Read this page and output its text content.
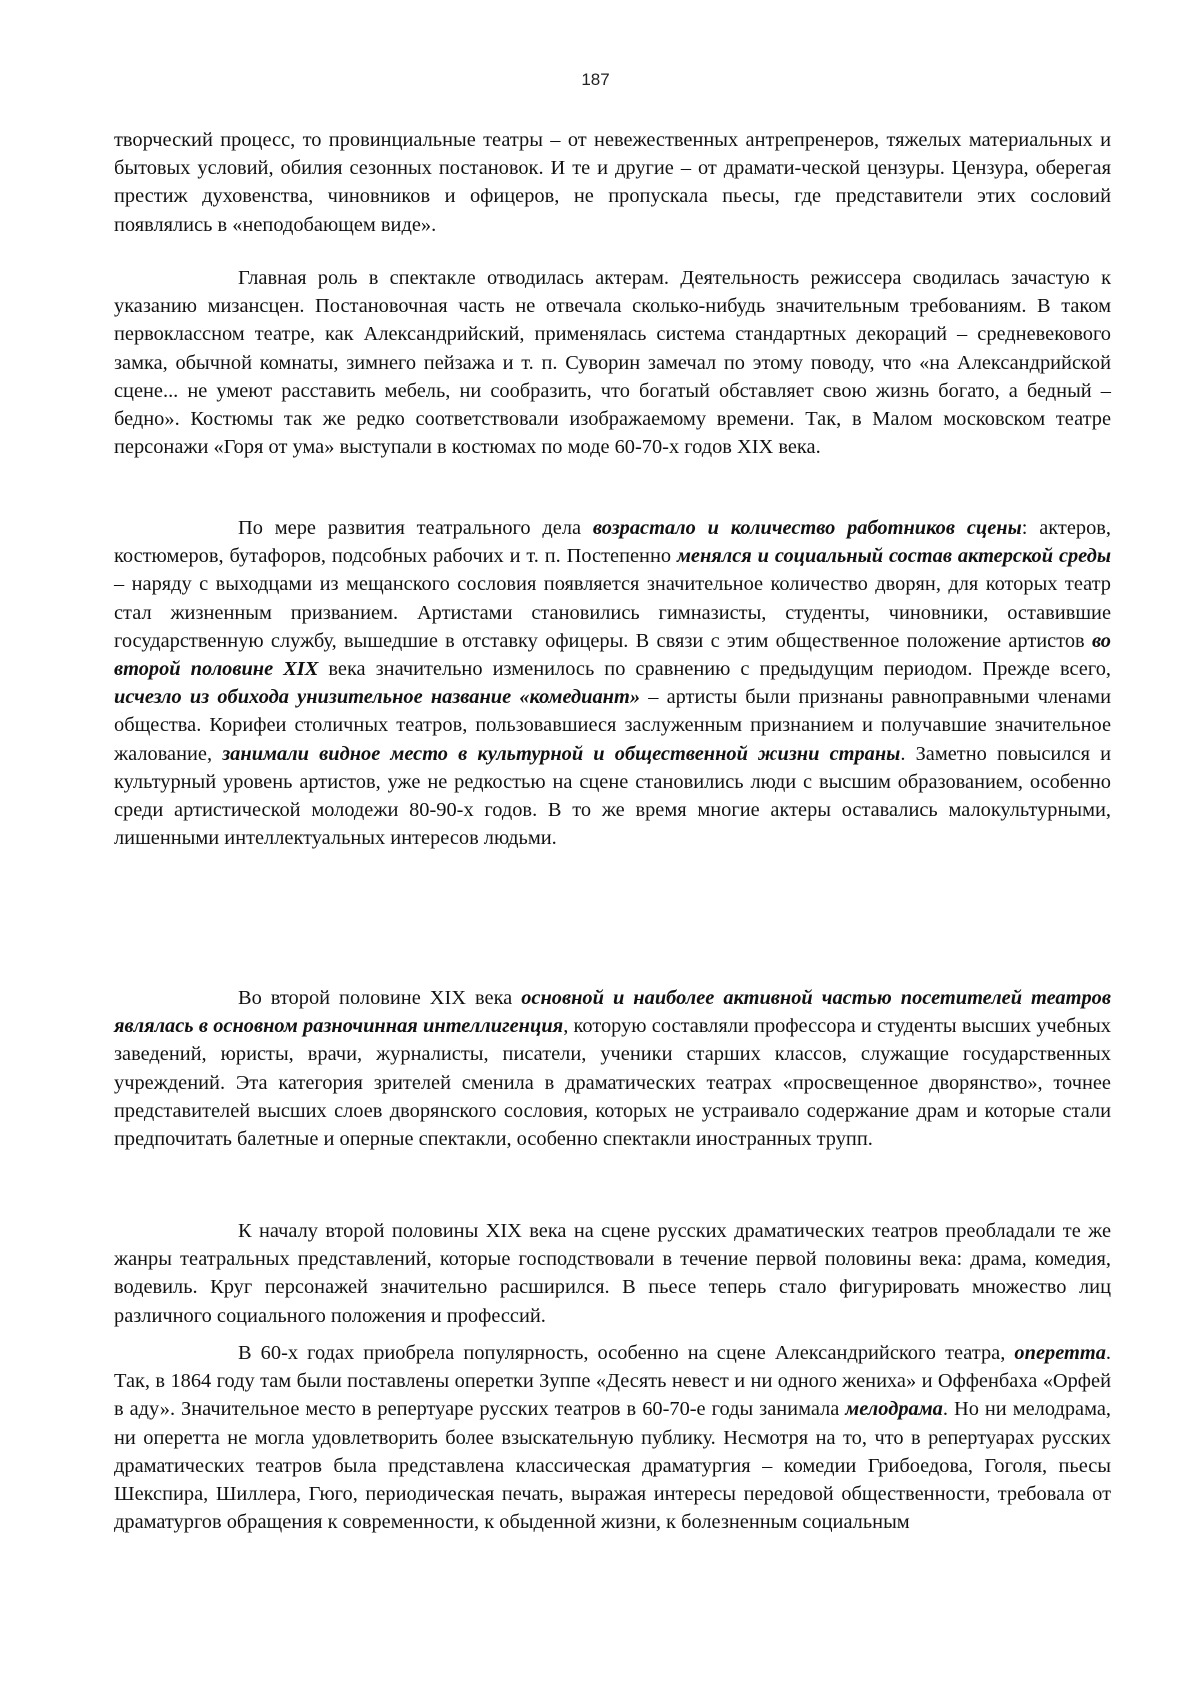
187

творческий процесс, то провинциальные театры – от невежественных антрепренеров, тяжелых материальных и бытовых условий, обилия сезонных постановок. И те и другие – от драмати-ческой цензуры. Цензура, оберегая престиж духовенства, чиновников и офицеров, не пропускала пьесы, где представители этих сословий появлялись в «неподобающем виде».

Главная роль в спектакле отводилась актерам. Деятельность режиссера сводилась зачастую к указанию мизансцен. Постановочная часть не отвечала сколько-нибудь значительным требованиям. В таком первоклассном театре, как Александрийский, применялась система стандартных декораций – средневекового замка, обычной комнаты, зимнего пейзажа и т. п. Суворин замечал по этому поводу, что «на Александрийской сцене... не умеют расставить мебель, ни сообразить, что богатый обставляет свою жизнь богато, а бедный – бедно». Костюмы так же редко соответствовали изображаемому времени. Так, в Малом московском театре персонажи «Горя от ума» выступали в костюмах по моде 60-70-х годов XIX века.

По мере развития театрального дела возрастало и количество работников сцены: актеров, костюмеров, бутафоров, подсобных рабочих и т. п. Постепенно менялся и социальный состав актерской среды – наряду с выходцами из мещанского сословия появляется значительное количество дворян, для которых театр стал жизненным призванием. Артистами становились гимназисты, студенты, чиновники, оставившие государственную службу, вышедшие в отставку офицеры. В связи с этим общественное положение артистов во второй половине XIX века значительно изменилось по сравнению с предыдущим периодом. Прежде всего, исчезло из обихода унизительное название «комедиант» – артисты были признаны равноправными членами общества. Корифеи столичных театров, пользовавшиеся заслуженным признанием и получавшие значительное жалование, занимали видное место в культурной и общественной жизни страны. Заметно повысился и культурный уровень артистов, уже не редкостью на сцене становились люди с высшим образованием, особенно среди артистической молодежи 80-90-х годов. В то же время многие актеры оставались малокультурными, лишенными интеллектуальных интересов людьми.

Во второй половине XIX века основной и наиболее активной частью посетителей театров являлась в основном разночинная интеллигенция, которую составляли профессора и студенты высших учебных заведений, юристы, врачи, журналисты, писатели, ученики старших классов, служащие государственных учреждений. Эта категория зрителей сменила в драматических театрах «просвещенное дворянство», точнее представителей высших слоев дворянского сословия, которых не устраивало содержание драм и которые стали предпочитать балетные и оперные спектакли, особенно спектакли иностранных трупп.

К началу второй половины XIX века на сцене русских драматических театров преобладали те же жанры театральных представлений, которые господствовали в течение первой половины века: драма, комедия, водевиль. Круг персонажей значительно расширился. В пьесе теперь стало фигурировать множество лиц различного социального положения и профессий.

В 60-х годах приобрела популярность, особенно на сцене Александрийского театра, оперетта. Так, в 1864 году там были поставлены оперетки Зуппе «Десять невест и ни одного жениха» и Оффенбаха «Орфей в аду». Значительное место в репертуаре русских театров в 60-70-е годы занимала мелодрама. Но ни мелодрама, ни оперетта не могла удовлетворить более взыскательную публику. Несмотря на то, что в репертуарах русских драматических театров была представлена классическая драматургия – комедии Грибоедова, Гоголя, пьесы Шекспира, Шиллера, Гюго, периодическая печать, выражая интересы передовой общественности, требовала от драматургов обращения к современности, к обыденной жизни, к болезненным социальным
